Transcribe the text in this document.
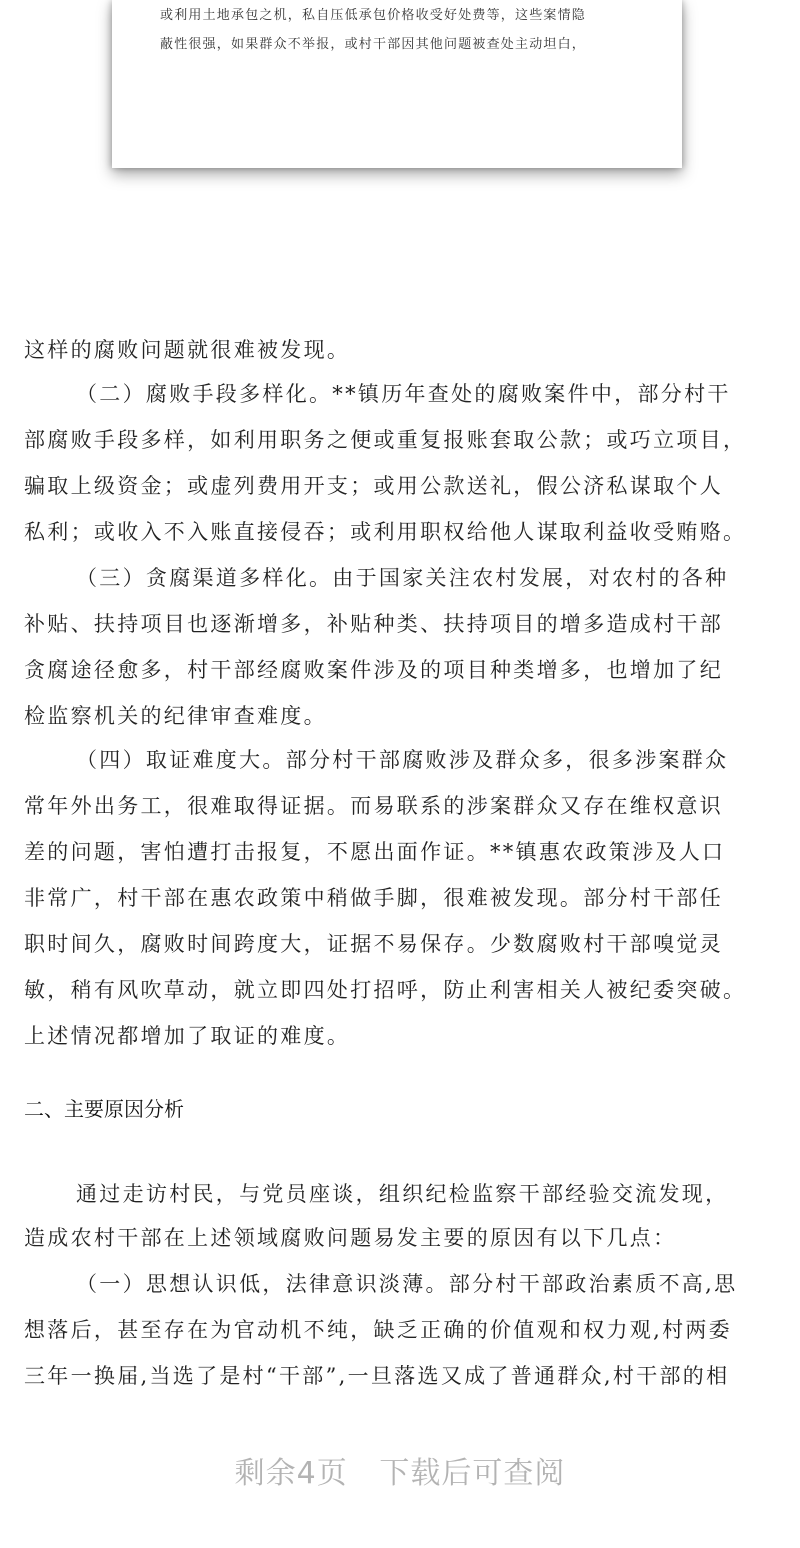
或利用土地承包之机，私自压低承包价格收受好处费等，这些案情隐
蔽性很强，如果群众不举报，或村干部因其他问题被查处主动坦白，
这样的腐败问题就很难被发现。
（二）腐败手段多样化。**镇历年查处的腐败案件中，部分村干
部腐败手段多样，如利用职务之便或重复报账套取公款；或巧立项目，
骗取上级资金；或虚列费用开支；或用公款送礼，假公济私谋取个人
私利；或收入不入账直接侵吞；或利用职权给他人谋取利益收受贿赂。
（三）贪腐渠道多样化。由于国家关注农村发展，对农村的各种
补贴、扶持项目也逐渐增多，补贴种类、扶持项目的增多造成村干部
贪腐途径愈多，村干部经腐败案件涉及的项目种类增多，也增加了纪
检监察机关的纪律审查难度。
（四）取证难度大。部分村干部腐败涉及群众多，很多涉案群众
常年外出务工，很难取得证据。而易联系的涉案群众又存在维权意识
差的问题，害怕遭打击报复，不愿出面作证。**镇惠农政策涉及人口
非常广，村干部在惠农政策中稍做手脚，很难被发现。部分村干部任
职时间久，腐败时间跨度大，证据不易保存。少数腐败村干部嗅觉灵
敏，稍有风吹草动，就立即四处打招呼，防止利害相关人被纪委突破。
上述情况都增加了取证的难度。
二、主要原因分析
通过走访村民，与党员座谈，组织纪检监察干部经验交流发现，
造成农村干部在上述领域腐败问题易发主要的原因有以下几点：
（一）思想认识低，法律意识淡薄。部分村干部政治素质不高,思
想落后，甚至存在为官动机不纯，缺乏正确的价值观和权力观,村两委
三年一换届,当选了是村“干部”,一旦落选又成了普通群众,村干部的相
剩余4页 下载后可查阅
